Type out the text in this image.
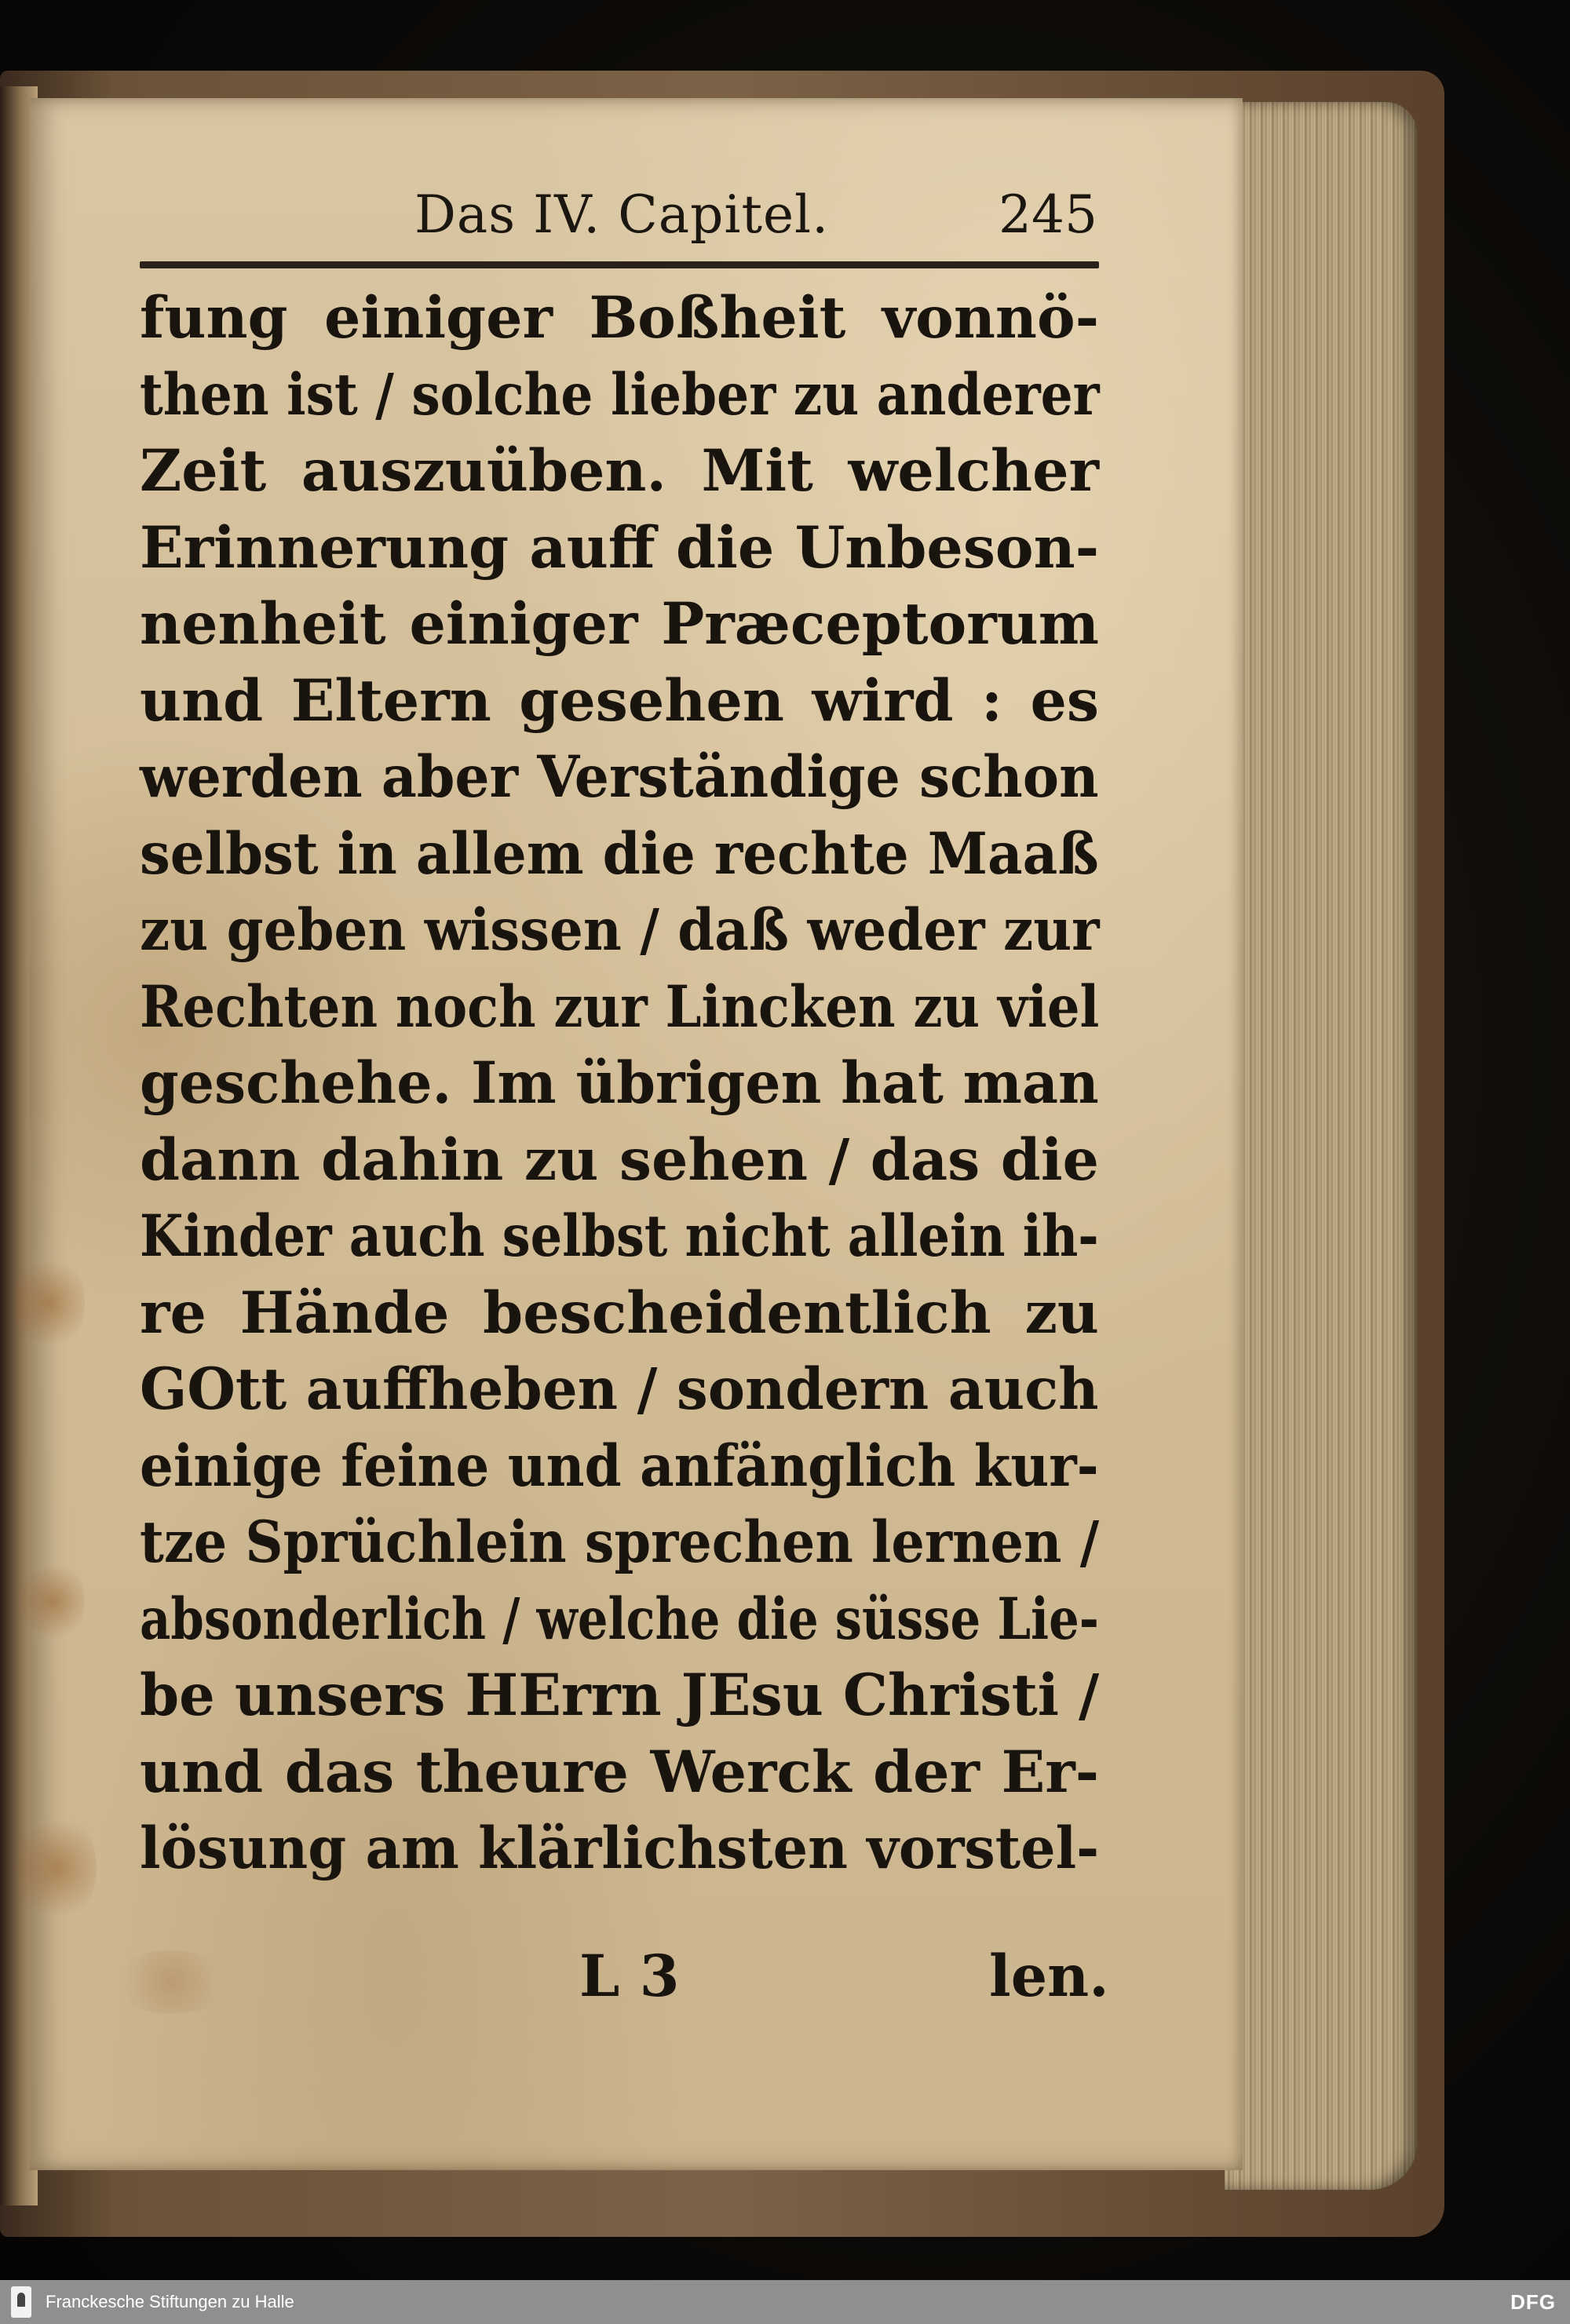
Das IV. Capitel.	245
fung einiger Boßheit vonnö-
then ist / solche lieber zu anderer
Zeit auszuüben. Mit welcher
Erinnerung auff die Unbeson-
nenheit einiger Præceptorum
und Eltern gesehen wird : es
werden aber Verständige schon
selbst in allem die rechte Maaß
zu geben wissen / daß weder zur
Rechten noch zur Lincken zu viel
geschehe. Im übrigen hat man
dann dahin zu sehen / das die
Kinder auch selbst nicht allein ih-
re Hände bescheidentlich zu
GOtt auffheben / sondern auch
einige feine und anfänglich kur-
tze Sprüchlein sprechen lernen /
absonderlich / welche die süsse Lie-
be unsers HErrn JEsu Christi /
und das theure Werck der Er-
lösung am klärlichsten vorstel-
L 3	len.
Franckesche Stiftungen zu Halle	DFG
